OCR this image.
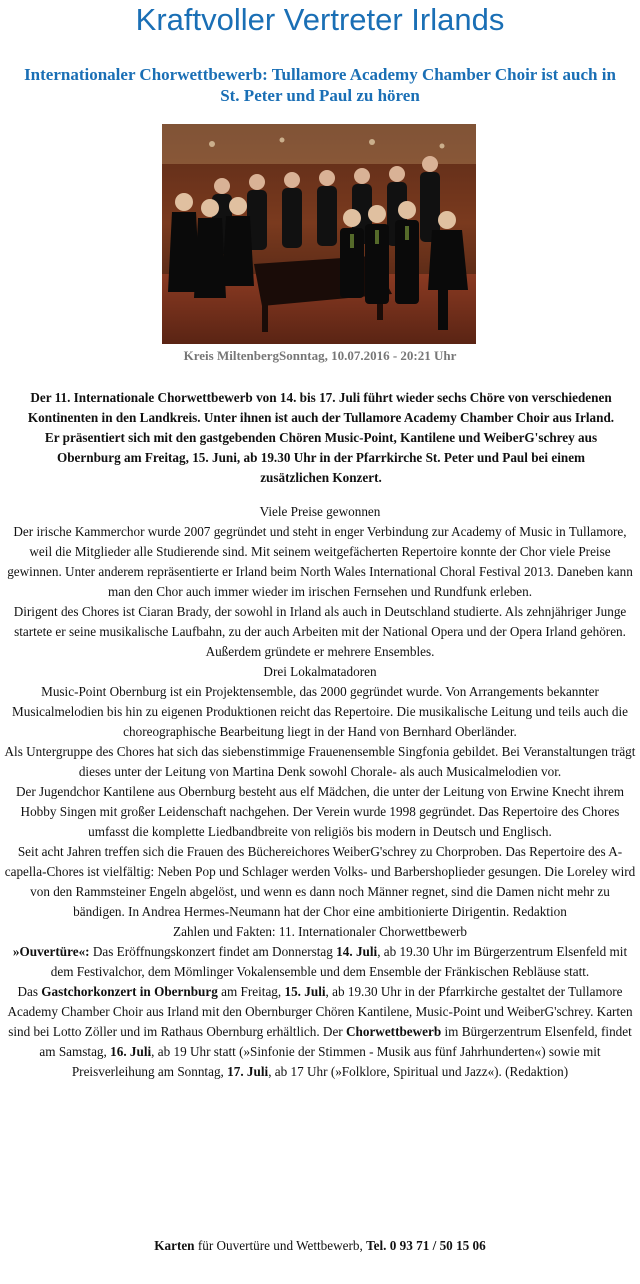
Kraftvoller Vertreter Irlands
Internationaler Chorwettbewerb: Tullamore Academy Chamber Choir ist auch in St. Peter und Paul zu hören
Kreis MiltenbergSonntag, 10.07.2016 - 20:21 Uhr

Der 11. Internationale Chorwettbewerb von 14. bis 17. Juli führt wieder sechs Chöre von verschiedenen Kontinenten in den Landkreis. Unter ihnen ist auch der Tullamore Academy Chamber Choir aus Irland. Er präsentiert sich mit den gastgebenden Chören Music-Point, Kantilene und WeiberG'schrey aus Obernburg am Freitag, 15. Juni, ab 19.30 Uhr in der Pfarrkirche St. Peter und Paul bei einem zusätzlichen Konzert.

Viele Preise gewonnen

Der irische Kammerchor wurde 2007 gegründet und steht in enger Verbindung zur Academy of Music in Tullamore, weil die Mitglieder alle Studierende sind. Mit seinem weitgefächerten Repertoire konnte der Chor viele Preise gewinnen. Unter anderem repräsentierte er Irland beim North Wales International Choral Festival 2013. Daneben kann man den Chor auch immer wieder im irischen Fernsehen und Rundfunk erleben.

Dirigent des Chores ist Ciaran Brady, der sowohl in Irland als auch in Deutschland studierte. Als zehnjähriger Junge startete er seine musikalische Laufbahn, zu der auch Arbeiten mit der National Opera und der Opera Irland gehören. Außerdem gründete er mehrere Ensembles.

Drei Lokalmatadoren

Music-Point Obernburg ist ein Projektensemble, das 2000 gegründet wurde. Von Arrangements bekannter Musicalmelodien bis hin zu eigenen Produktionen reicht das Repertoire. Die musikalische Leitung und teils auch die choreographische Bearbeitung liegt in der Hand von Bernhard Oberländer.

Als Untergruppe des Chores hat sich das siebenstimmige Frauenensemble Singfonia gebildet. Bei Veranstaltungen trägt dieses unter der Leitung von Martina Denk sowohl Chorale- als auch Musicalmelodien vor.

Der Jugendchor Kantilene aus Obernburg besteht aus elf Mädchen, die unter der Leitung von Erwine Knecht ihrem Hobby Singen mit großer Leidenschaft nachgehen. Der Verein wurde 1998 gegründet. Das Repertoire des Chores umfasst die komplette Liedbandbreite von religiös bis modern in Deutsch und Englisch.

Seit acht Jahren treffen sich die Frauen des Büchereichores WeiberG'schrey zu Chorproben. Das Repertoire des A-capella-Chores ist vielfältig: Neben Pop und Schlager werden Volks- und Barbershoplieder gesungen. Die Loreley wird von den Rammsteiner Engeln abgelöst, und wenn es dann noch Männer regnet, sind die Damen nicht mehr zu bändigen. In Andrea Hermes-Neumann hat der Chor eine ambitionierte Dirigentin. Redaktion

Zahlen und Fakten: 11. Internationaler Chorwettbewerb

»Ouvertüre«: Das Eröffnungskonzert findet am Donnerstag 14. Juli, ab 19.30 Uhr im Bürgerzentrum Elsenfeld mit dem Festivalchor, dem Mömlinger Vokalensemble und dem Ensemble der Fränkischen Rebläuse statt.

Das Gastchorkonzert in Obernburg am Freitag, 15. Juli, ab 19.30 Uhr in der Pfarrkirche gestaltet der Tullamore Academy Chamber Choir aus Irland mit den Obernburger Chören Kantilene, Music-Point und WeiberG'schrey. Karten sind bei Lotto Zöller und im Rathaus Obernburg erhältlich. Der Chorwettbewerb im Bürgerzentrum Elsenfeld, findet am Samstag, 16. Juli, ab 19 Uhr statt (»Sinfonie der Stimmen - Musik aus fünf Jahrhunderten«) sowie mit Preisverleihung am Sonntag, 17. Juli, ab 17 Uhr (»Folklore, Spiritual und Jazz«). (Redaktion)

Karten für Ouvertüre und Wettbewerb, Tel. 0 93 71 / 50 15 06
